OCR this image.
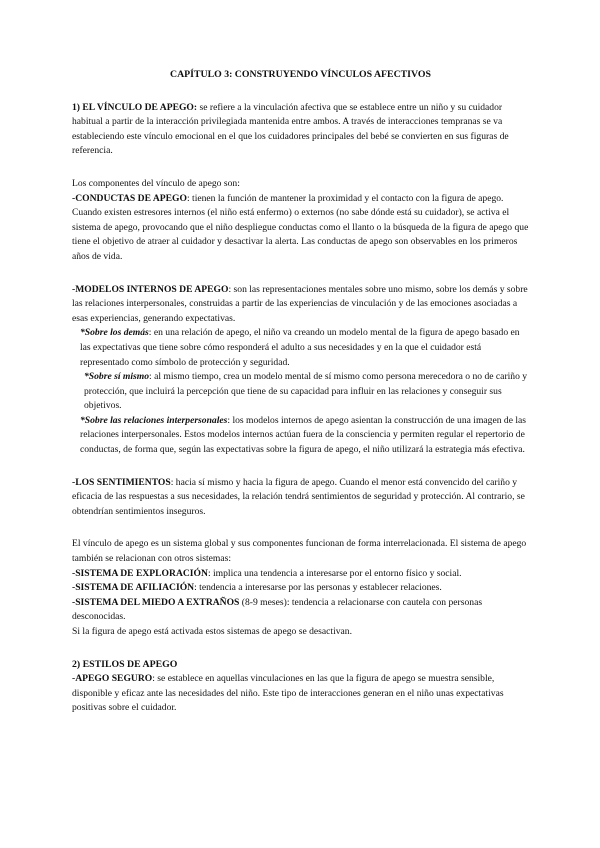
CAPÍTULO 3: CONSTRUYENDO VÍNCULOS AFECTIVOS

1) EL VÍNCULO DE APEGO: se refiere a la vinculación afectiva que se establece entre un niño y su cuidador habitual a partir de la interacción privilegiada mantenida entre ambos. A través de interacciones tempranas se va estableciendo este vínculo emocional en el que los cuidadores principales del bebé se convierten en sus figuras de referencia.

Los componentes del vínculo de apego son:

-CONDUCTAS DE APEGO: tienen la función de mantener la proximidad y el contacto con la figura de apego. Cuando existen estresores internos (el niño está enfermo) o externos (no sabe dónde está su cuidador), se activa el sistema de apego, provocando que el niño despliegue conductas como el llanto o la búsqueda de la figura de apego que tiene el objetivo de atraer al cuidador y desactivar la alerta. Las conductas de apego son observables en los primeros años de vida.

-MODELOS INTERNOS DE APEGO: son las representaciones mentales sobre uno mismo, sobre los demás y sobre las relaciones interpersonales, construidas a partir de las experiencias de vinculación y de las emociones asociadas a esas experiencias, generando expectativas.

*Sobre los demás: en una relación de apego, el niño va creando un modelo mental de la figura de apego basado en las expectativas que tiene sobre cómo responderá el adulto a sus necesidades y en la que el cuidador está representado como símbolo de protección y seguridad.

*Sobre sí mismo: al mismo tiempo, crea un modelo mental de sí mismo como persona merecedora o no de cariño y protección, que incluirá la percepción que tiene de su capacidad para influir en las relaciones y conseguir sus objetivos.

*Sobre las relaciones interpersonales: los modelos internos de apego asientan la construcción de una imagen de las relaciones interpersonales. Estos modelos internos actúan fuera de la consciencia y permiten regular el repertorio de conductas, de forma que, según las expectativas sobre la figura de apego, el niño utilizará la estrategia más efectiva.

-LOS SENTIMIENTOS: hacia sí mismo y hacia la figura de apego. Cuando el menor está convencido del cariño y eficacia de las respuestas a sus necesidades, la relación tendrá sentimientos de seguridad y protección. Al contrario, se obtendrían sentimientos inseguros.

El vínculo de apego es un sistema global y sus componentes funcionan de forma interrelacionada. El sistema de apego también se relacionan con otros sistemas:

-SISTEMA DE EXPLORACIÓN: implica una tendencia a interesarse por el entorno físico y social.

-SISTEMA DE AFILIACIÓN: tendencia a interesarse por las personas y establecer relaciones.

-SISTEMA DEL MIEDO A EXTRAÑOS (8-9 meses): tendencia a relacionarse con cautela con personas desconocidas.

Si la figura de apego está activada estos sistemas de apego se desactivan.

2) ESTILOS DE APEGO

-APEGO SEGURO: se establece en aquellas vinculaciones en las que la figura de apego se muestra sensible, disponible y eficaz ante las necesidades del niño. Este tipo de interacciones generan en el niño unas expectativas positivas sobre el cuidador.
